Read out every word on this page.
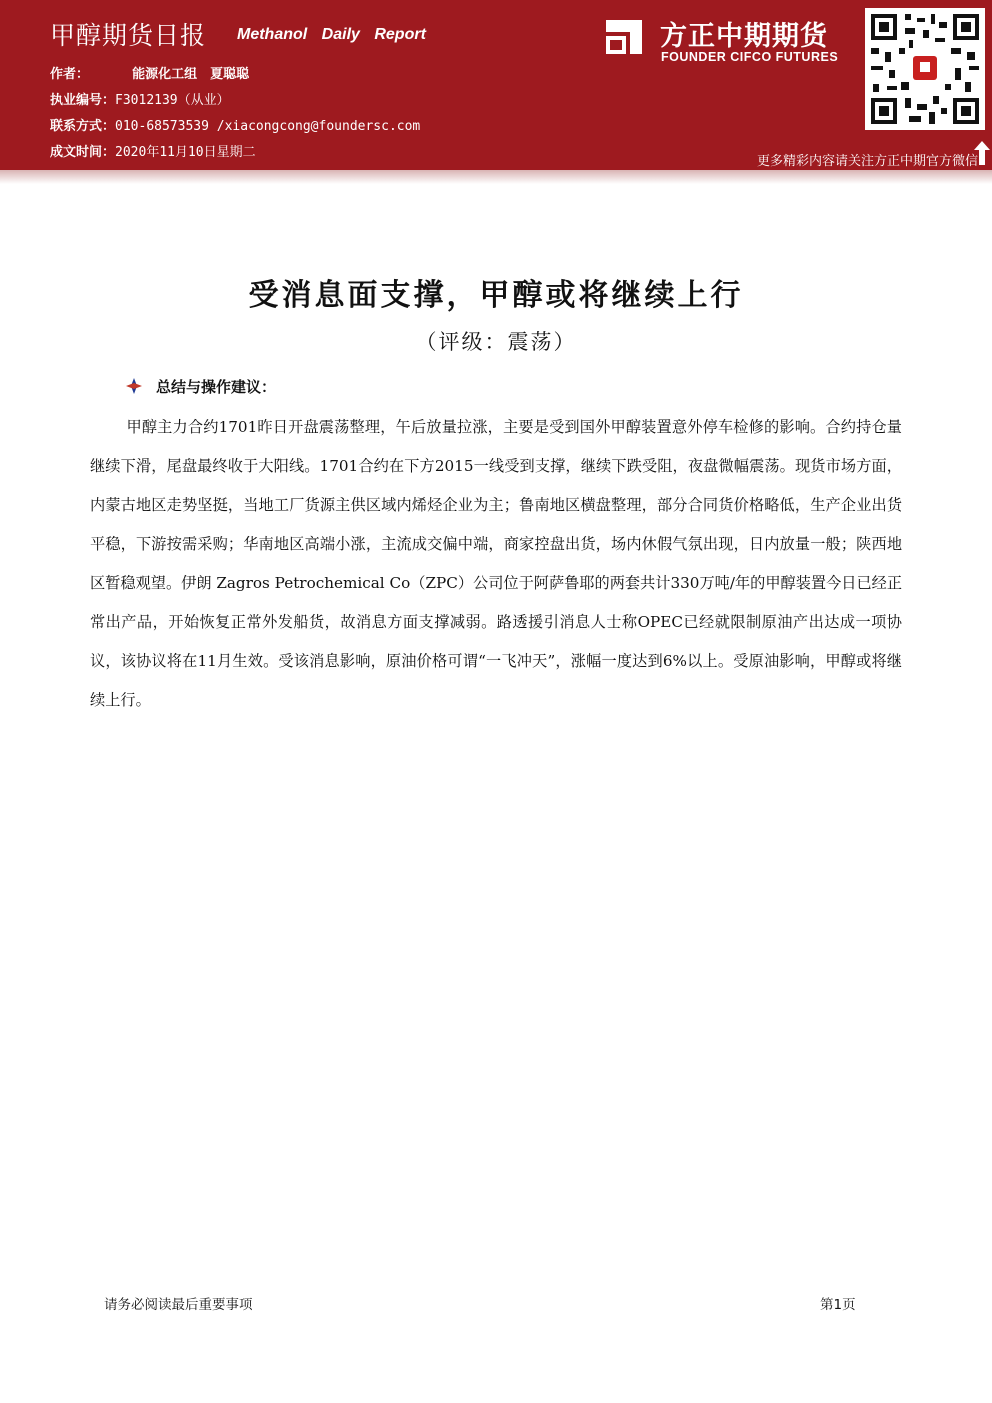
甲醇期货日报 Methanol Daily Report
作者：	能源化工组　夏聪聪
执业编号：F3012139（从业）
联系方式：010-68573539 /xiacongcong@foundersc.com
成文时间：2020年11月10日星期二
方正中期期货
FOUNDER CIFCO FUTURES
更多精彩内容请关注方正中期官方微信
受消息面支撑，甲醇或将继续上行
（评级：震荡）
总结与操作建议：
甲醇主力合约1701昨日开盘震荡整理，午后放量拉涨，主要是受到国外甲醇装置意外停车检修的影响。合约持仓量继续下滑，尾盘最终收于大阳线。1701合约在下方2015一线受到支撑，继续下跌受阻，夜盘微幅震荡。现货市场方面，内蒙古地区走势坚挺，当地工厂货源主供区域内烯烃企业为主；鲁南地区横盘整理，部分合同货价格略低，生产企业出货平稳，下游按需采购；华南地区高端小涨，主流成交偏中端，商家控盘出货，场内休假气氛出现，日内放量一般；陕西地区暂稳观望。伊朗 Zagros Petrochemical Co（ZPC）公司位于阿萨鲁耶的两套共计330万吨/年的甲醇装置今日已经正常出产品，开始恢复正常外发船货，故消息方面支撑减弱。路透援引消息人士称OPEC已经就限制原油产出达成一项协议，该协议将在11月生效。受该消息影响，原油价格可谓“一飞冲天”，涨幅一度达到6%以上。受原油影响，甲醇或将继续上行。
请务必阅读最后重要事项	第1页
